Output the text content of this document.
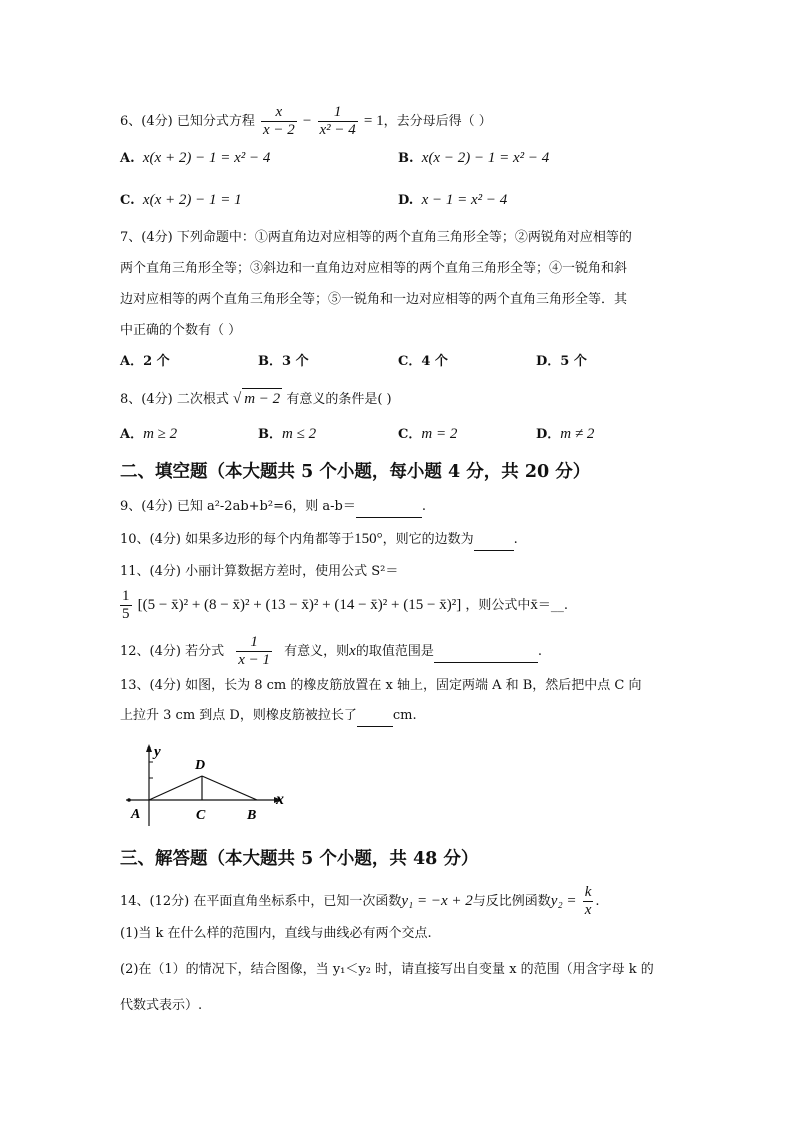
6、(4分) 已知分式方程 $\frac{x}{x - 2} - \frac{1}{\text{x² − 4}} = 1$，去分母后得（ ）
A. x(x + 2) − 1 = x² − 4	B. x(x − 2) − 1 = x² − 4
C. x(x + 2) − 1 = 1	D. x − 1 = x² − 4
7、(4分) 下列命题中：①两直角边对应相等的两个直角三角形全等；②两锐角对应相等的
两个直角三角形全等；③斜边和一直角边对应相等的两个直角三角形全等；④一锐角和斜
边对应相等的两个直角三角形全等；⑤一锐角和一边对应相等的两个直角三角形全等．其
中正确的个数有（ ）
A．2 个	B．3 个	C．4 个	D．5 个
8、(4分) 二次根式 √ m − 2 有意义的条件是( )
A．m ≥ 2	B．m ≤ 2	C．m = 2	D．m ≠ 2
二、填空题（本大题共 5 个小题，每小题 4 分，共 20 分）
9、(4分) 已知 a²-2ab+b²=6，则 a-b＝	.
10、(4分) 如果多边形的每个内角都等于150°，则它的边数为	.
11、(4分) 小丽计算数据方差时，使用公式 S²＝
$\frac{1}{5} [(5$ − x̄)² + (8 − x̄)² + (13 − x̄)² + (14 − x̄)² + (15 − x̄)²] ，则公式中x̄＝__.
12、(4分) 若分式 $\frac{1}{x - 1}$ 有意义，则x的取值范围是	.
13、(4分) 如图，长为 8 cm 的橡皮筋放置在 x 轴上，固定两端 A 和 B，然后把中点 C 向
上拉升 3 cm 到点 D，则橡皮筋被拉长了	cm.
y
x
A	B
C
D
三、解答题（本大题共 5 个小题，共 48 分）
14、(12分) 在平面直角坐标系中，已知一次函数y₁ = −x + 2与反比例函数$y_2 = \frac{k}{x}$ .
(1)当 k 在什么样的范围内，直线与曲线必有两个交点.
(2)在（1）的情况下，结合图像，当 y₁＜y₂ 时，请直接写出自变量 x 的范围（用含字母 k 的
代数式表示）.
